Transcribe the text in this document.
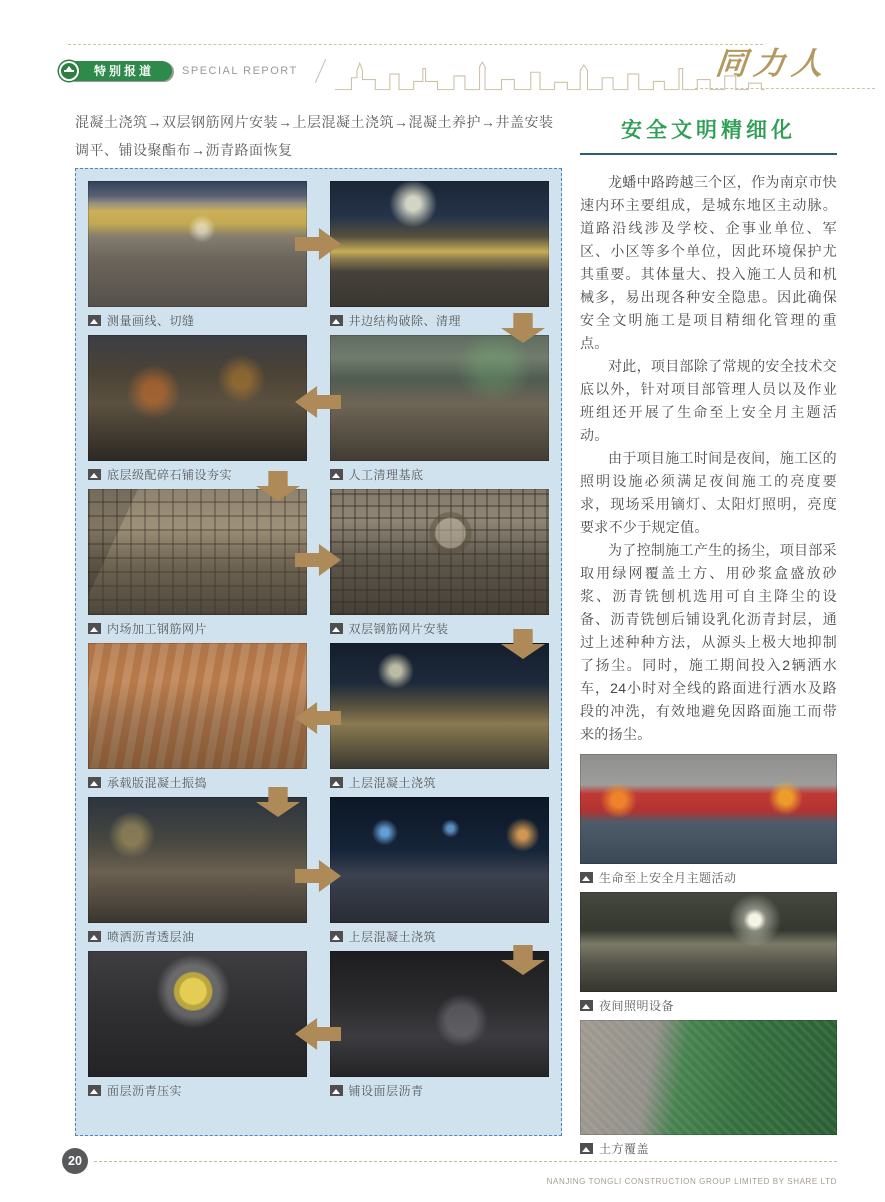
特别报道	SPECIAL REPORT	同力人

混凝土浇筑→双层钢筋网片安装→上层混凝土浇筑→混凝土养护→井盖安装调平、铺设聚酯布→沥青路面恢复

测量画线、切缝	井边结构破除、清理
底层级配碎石铺设夯实	人工清理基底
内场加工钢筋网片	双层钢筋网片安装
承载版混凝土振捣	上层混凝土浇筑
喷洒沥青透层油	上层混凝土浇筑
面层沥青压实	铺设面层沥青
安全文明精细化

龙蟠中路跨越三个区，作为南京市快速内环主要组成，是城东地区主动脉。道路沿线涉及学校、企事业单位、军区、小区等多个单位，因此环境保护尤其重要。其体量大、投入施工人员和机械多，易出现各种安全隐患。因此确保安全文明施工是项目精细化管理的重点。

对此，项目部除了常规的安全技术交底以外，针对项目部管理人员以及作业班组还开展了生命至上安全月主题活动。

由于项目施工时间是夜间，施工区的照明设施必须满足夜间施工的亮度要求，现场采用镝灯、太阳灯照明，亮度要求不少于规定值。

为了控制施工产生的扬尘，项目部采取用绿网覆盖土方、用砂浆盒盛放砂浆、沥青铣刨机选用可自主降尘的设备、沥青铣刨后铺设乳化沥青封层，通过上述种种方法，从源头上极大地抑制了扬尘。同时，施工期间投入2辆洒水车，24小时对全线的路面进行洒水及路段的冲洗，有效地避免因路面施工而带来的扬尘。

生命至上安全月主题活动
夜间照明设备
土方覆盖
20
NANJING TONGLI CONSTRUCTION GROUP LIMITED BY SHARE LTD
